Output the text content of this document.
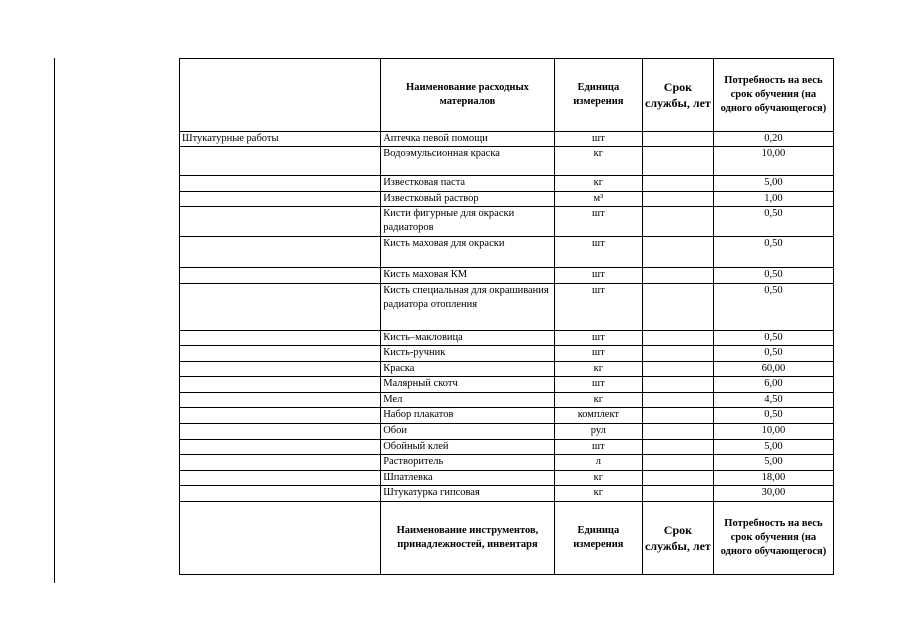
	Наименование расходных материалов	Единица измерения	Срок службы, лет	Потребность на весь срок обучения (на одного обучающегося)
Штукатурные работы	Аптечка певой помощи	шт		0,20
	Водоэмульсионная краска	кг		10,00
	Известковая паста	кг		5,00
	Известковый раствор	м³		1,00
	Кисти фигурные для окраски радиаторов	шт		0,50
	Кисть маховая для окраски	шт		0,50
	Кисть маховая КМ	шт		0,50
	Кисть специальная для окрашивания радиатора отопления	шт		0,50
	Кисть–макловица	шт		0,50
	Кисть-ручник	шт		0,50
	Краска	кг		60,00
	Малярный скотч	шт		6,00
	Мел	кг		4,50
	Набор плакатов	комплект		0,50
	Обои	рул		10,00
	Обойный клей	шт		5,00
	Растворитель	л		5,00
	Шпатлевка	кг		18,00
	Штукатурка гипсовая	кг		30,00
	Наименование инструментов, принадлежностей, инвентаря	Единица измерения	Срок службы, лет	Потребность на весь срок обучения (на одного обучающегося)
